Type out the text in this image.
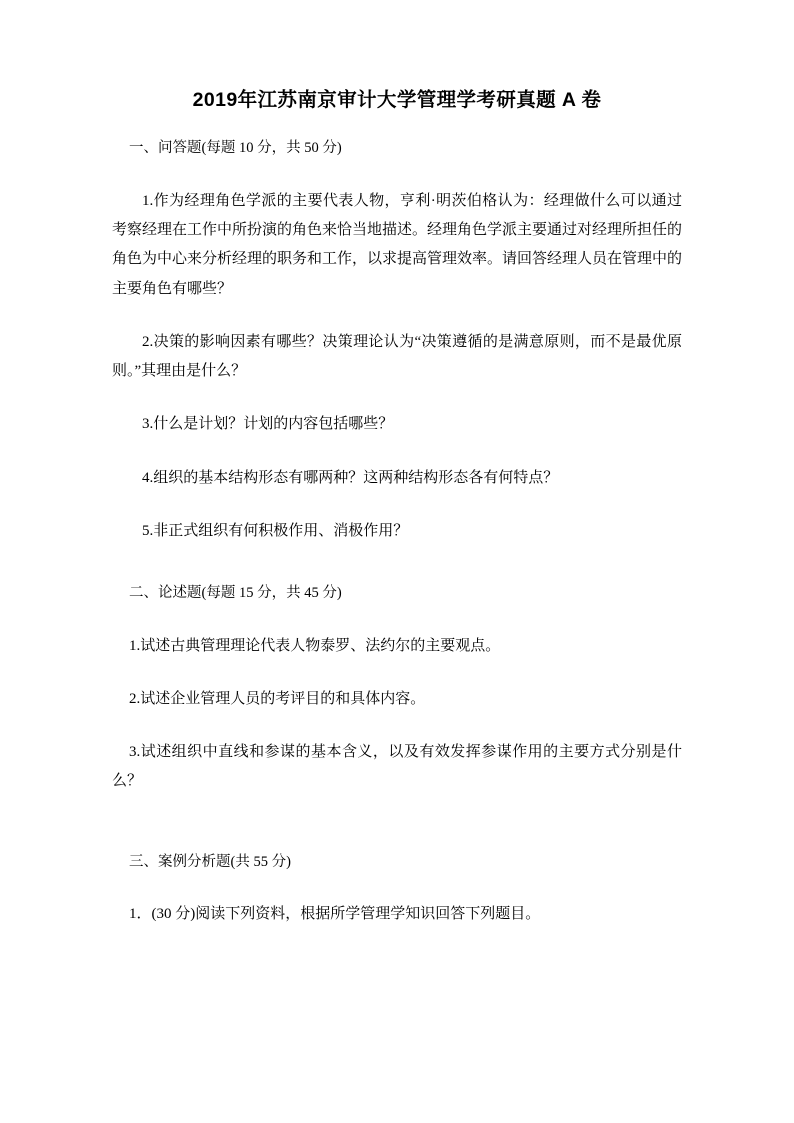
2019年江苏南京审计大学管理学考研真题 A 卷

一、问答题(每题 10 分，共 50 分)

1.作为经理角色学派的主要代表人物，亨利·明茨伯格认为：经理做什么可以通过考察经理在工作中所扮演的角色来恰当地描述。经理角色学派主要通过对经理所担任的角色为中心来分析经理的职务和工作，以求提高管理效率。请回答经理人员在管理中的主要角色有哪些？

2.决策的影响因素有哪些？决策理论认为“决策遵循的是满意原则，而不是最优原则。”其理由是什么？

3.什么是计划？计划的内容包括哪些？

4.组织的基本结构形态有哪两种？这两种结构形态各有何特点？

5.非正式组织有何积极作用、消极作用？

二、论述题(每题 15 分，共 45 分)

1.试述古典管理理论代表人物泰罗、法约尔的主要观点。

2.试述企业管理人员的考评目的和具体内容。

3.试述组织中直线和参谋的基本含义，以及有效发挥参谋作用的主要方式分别是什么？

三、案例分析题(共 55 分)

1．(30 分)阅读下列资料，根据所学管理学知识回答下列题目。
